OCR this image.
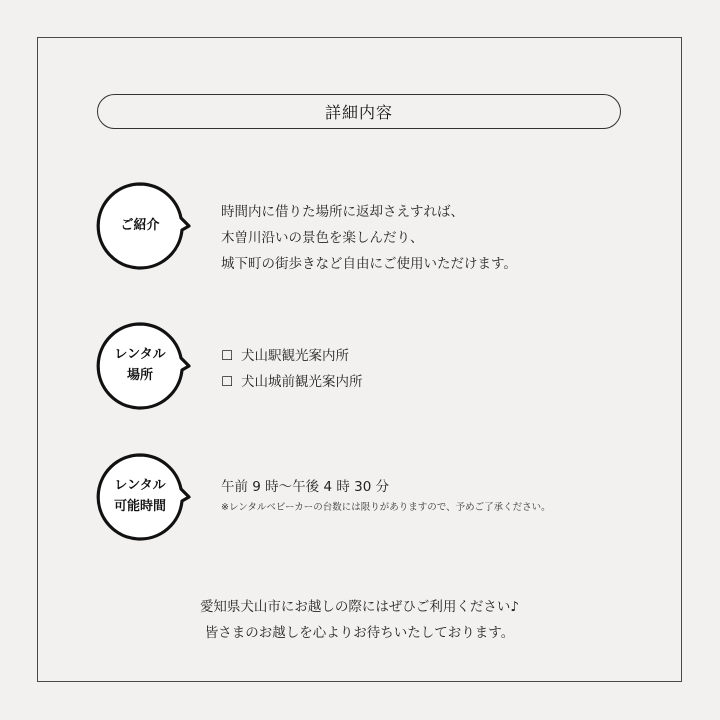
詳細内容
ご紹介
時間内に借りた場所に返却さえすれば、
木曽川沿いの景色を楽しんだり、
城下町の街歩きなど自由にご使用いただけます。
レンタル
場所
☐ 犬山駅観光案内所
☐ 犬山城前観光案内所
レンタル
可能時間
午前 9 時〜午後 4 時 30 分
※レンタルベビーカーの台数には限りがありますので、予めご了承ください。
愛知県犬山市にお越しの際にはぜひご利用ください♪
皆さまのお越しを心よりお待ちいたしております。
